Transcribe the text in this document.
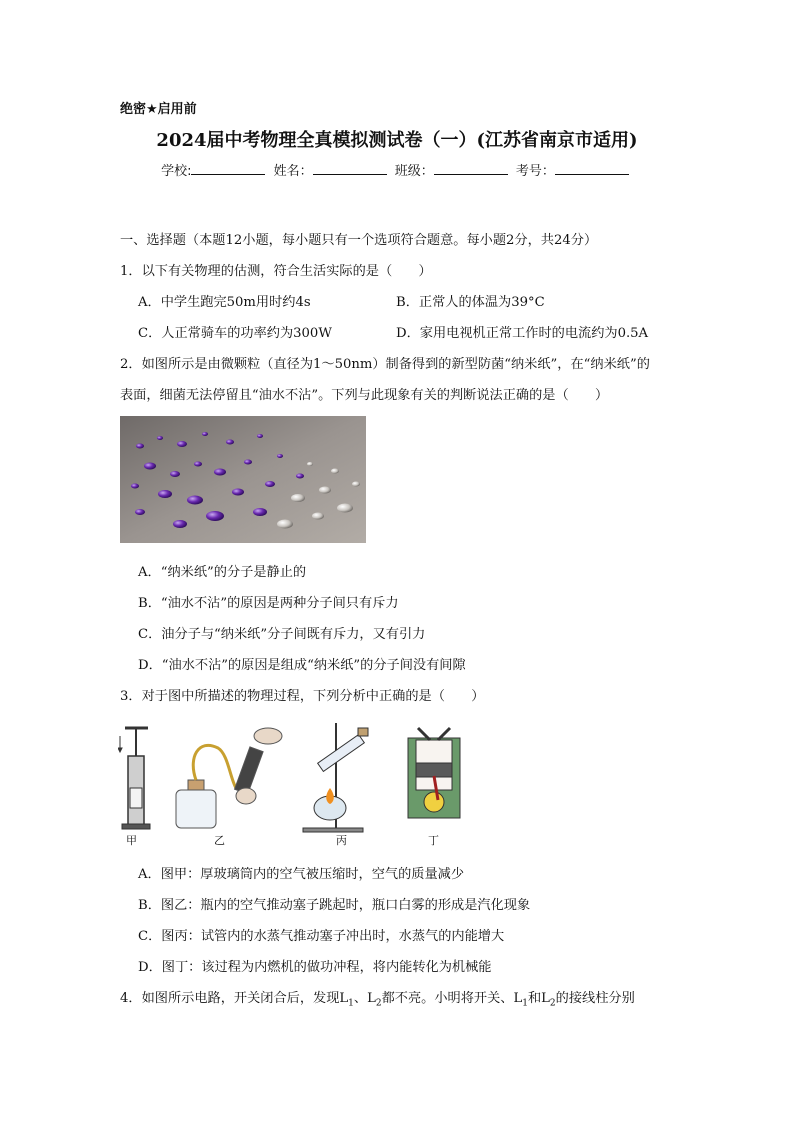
绝密★启用前
2024届中考物理全真模拟测试卷（一）(江苏省南京市适用)
学校:	姓名：	班级：	考号：
一、选择题（本题12小题，每小题只有一个选项符合题意。每小题2分，共24分）
1．以下有关物理的估测，符合生活实际的是（　　）
A．中学生跑完50m用时约4s	B．正常人的体温为39°C
C．人正常骑车的功率约为300W	D．家用电视机正常工作时的电流约为0.5A
2．如图所示是由微颗粒（直径为1～50nm）制备得到的新型防菌“纳米纸”，在“纳米纸”的
表面，细菌无法停留且“油水不沾”。下列与此现象有关的判断说法正确的是（　　）
A．“纳米纸”的分子是静止的
B．“油水不沾”的原因是两种分子间只有斥力
C．油分子与“纳米纸”分子间既有斥力，又有引力
D．“油水不沾”的原因是组成“纳米纸”的分子间没有间隙
3．对于图中所描述的物理过程，下列分析中正确的是（　　）
甲	乙	丙	丁
A．图甲：厚玻璃筒内的空气被压缩时，空气的质量减少
B．图乙：瓶内的空气推动塞子跳起时，瓶口白雾的形成是汽化现象
C．图丙：试管内的水蒸气推动塞子冲出时，水蒸气的内能增大
D．图丁：该过程为内燃机的做功冲程，将内能转化为机械能
4．如图所示电路，开关闭合后，发现$L_1$、$L_2$都不亮。小明将开关、$L_1$和$L_2$的接线柱分别
